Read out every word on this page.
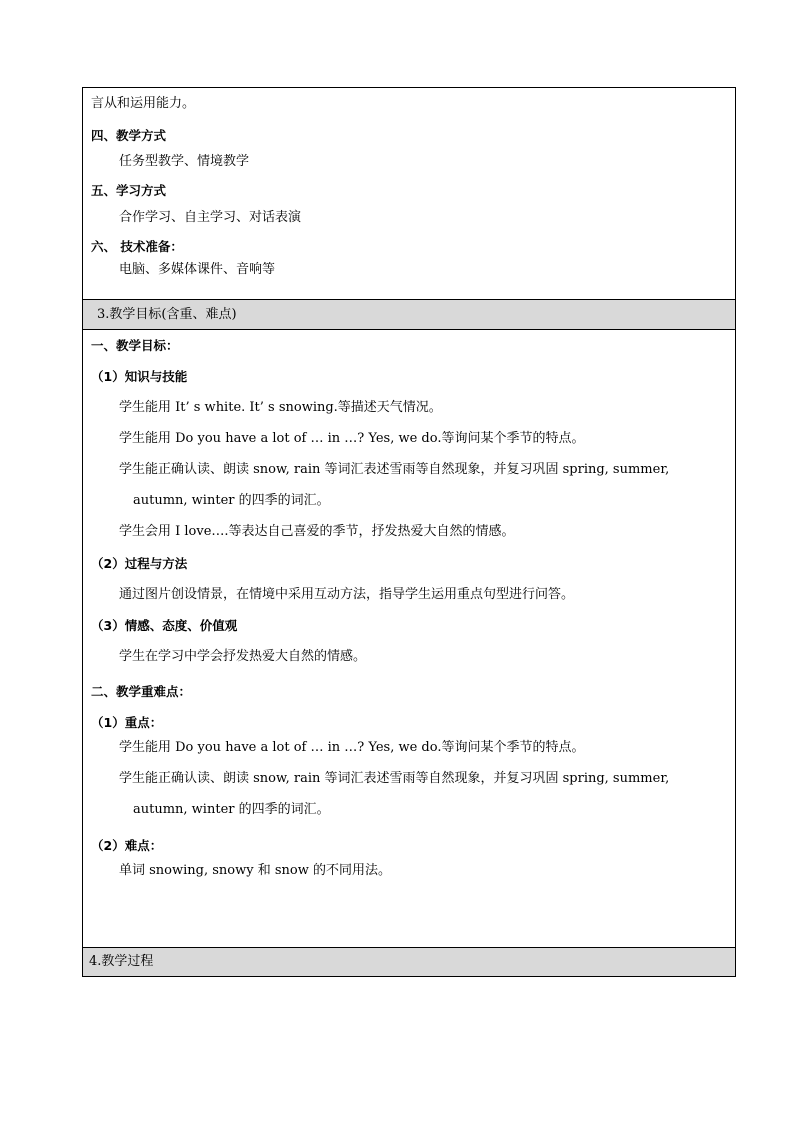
言从和运用能力。
四、教学方式
任务型教学、情境教学
五、学习方式
合作学习、自主学习、对话表演
六、 技术准备：
电脑、多媒体课件、音响等
3.教学目标(含重、难点)
一、教学目标：
（1）知识与技能
学生能用 It’ s white. It’ s snowing.等描述天气情况。
学生能用 Do you have a lot of … in …? Yes, we do.等询问某个季节的特点。
学生能正确认读、朗读 snow, rain 等词汇表述雪雨等自然现象，并复习巩固 spring, summer,
autumn, winter 的四季的词汇。
学生会用 I love….等表达自己喜爱的季节，抒发热爱大自然的情感。
（2）过程与方法
通过图片创设情景，在情境中采用互动方法，指导学生运用重点句型进行问答。
（3）情感、态度、价值观
学生在学习中学会抒发热爱大自然的情感。
二、教学重难点：
（1）重点：
学生能用 Do you have a lot of … in …? Yes, we do.等询问某个季节的特点。
学生能正确认读、朗读 snow, rain 等词汇表述雪雨等自然现象，并复习巩固 spring, summer,
autumn, winter 的四季的词汇。
（2）难点：
单词 snowing, snowy 和 snow 的不同用法。
4.教学过程
